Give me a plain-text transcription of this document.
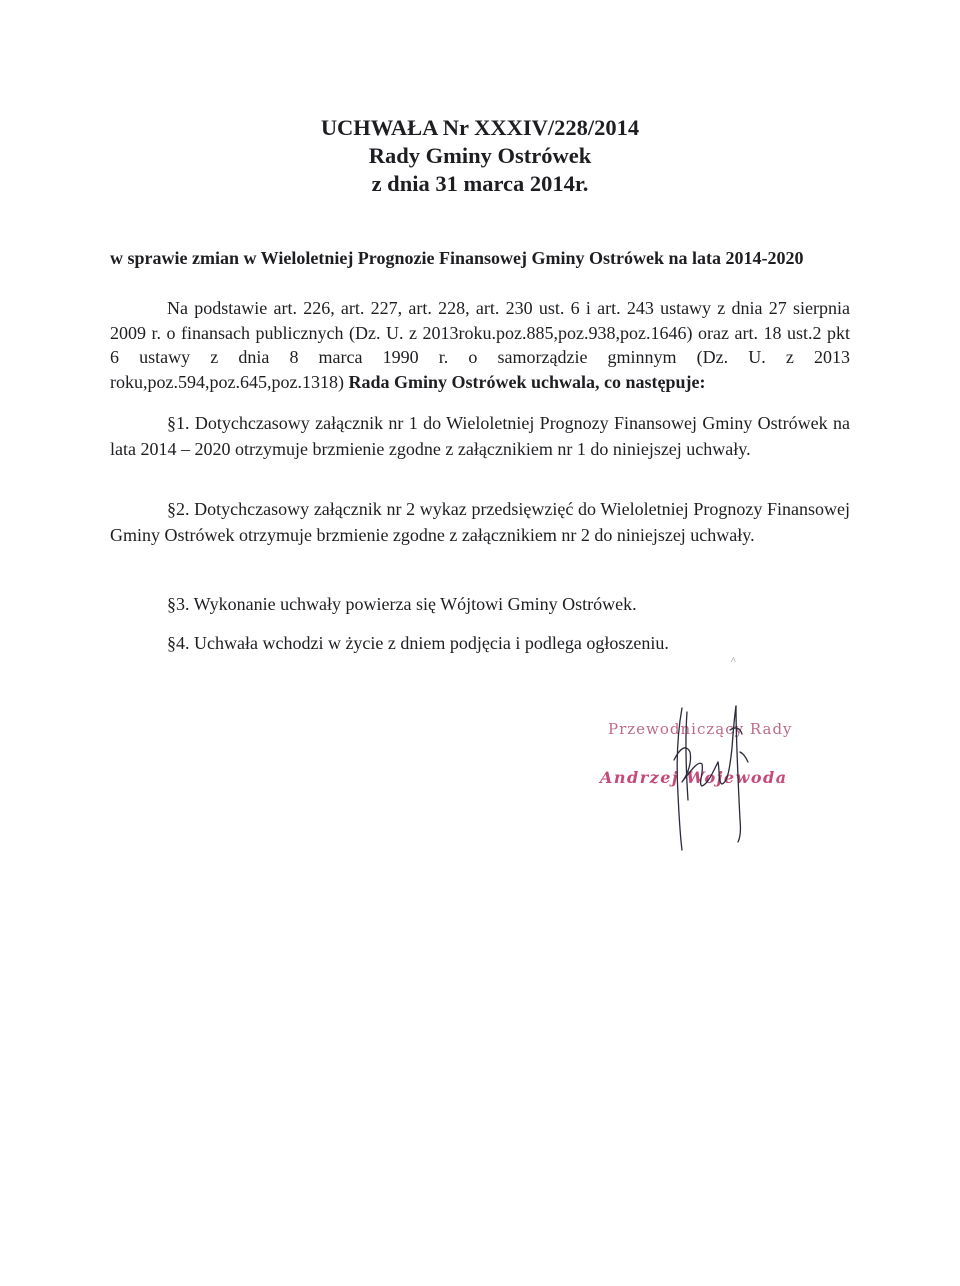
UCHWAŁA Nr XXXIV/228/2014
Rady Gminy Ostrówek
z dnia 31 marca 2014r.
w sprawie zmian w Wieloletniej Prognozie Finansowej Gminy Ostrówek na lata 2014-2020
Na podstawie art. 226, art. 227, art. 228, art. 230 ust. 6 i art. 243 ustawy z dnia 27 sierpnia 2009 r. o finansach publicznych (Dz. U. z 2013roku.poz.885,poz.938,poz.1646) oraz art. 18 ust.2 pkt 6 ustawy z dnia 8 marca 1990 r. o samorządzie gminnym (Dz. U. z 2013 roku,poz.594,poz.645,poz.1318) Rada Gminy Ostrówek uchwala, co następuje:
§1. Dotychczasowy załącznik nr 1 do Wieloletniej Prognozy Finansowej Gminy Ostrówek na lata 2014 – 2020 otrzymuje brzmienie zgodne z załącznikiem nr 1 do niniejszej uchwały.
§2. Dotychczasowy załącznik nr 2 wykaz przedsięwzięć do Wieloletniej Prognozy Finansowej Gminy Ostrówek otrzymuje brzmienie zgodne z załącznikiem nr 2 do niniejszej uchwały.
§3. Wykonanie uchwały powierza się Wójtowi Gminy Ostrówek.
§4. Uchwała wchodzi w życie z dniem podjęcia i podlega ogłoszeniu.
^
Przewodniczący Rady
Andrzej Wojewoda
